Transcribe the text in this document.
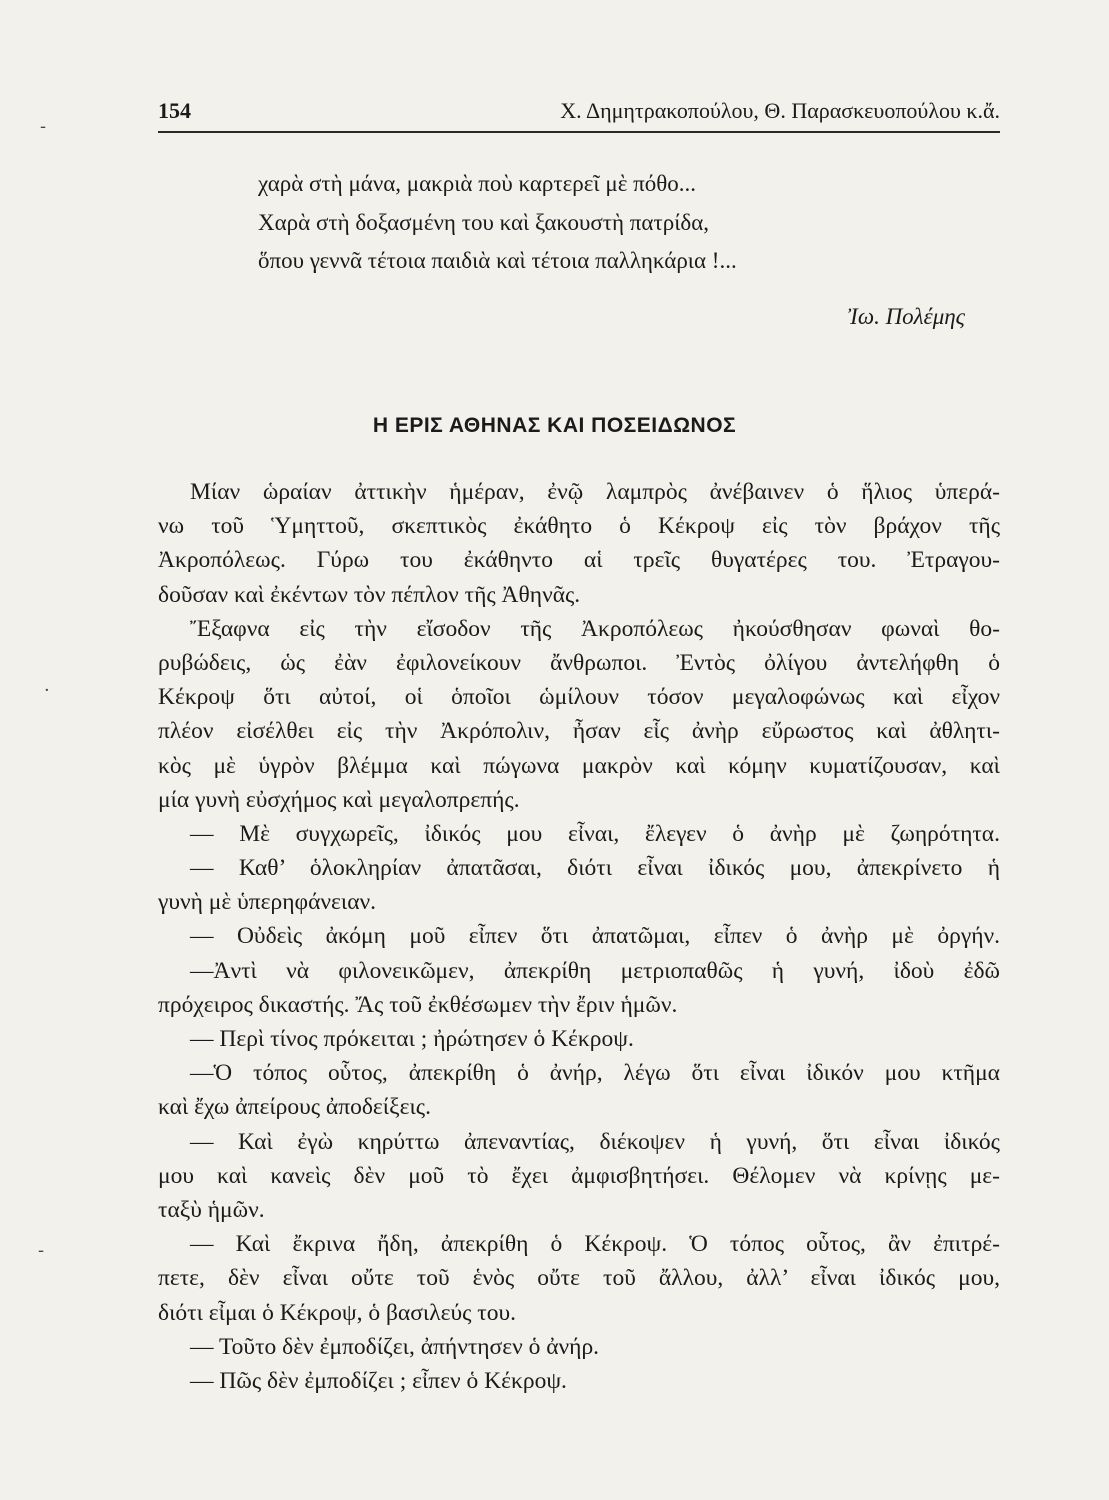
154	Χ. Δημητρακοπούλου, Θ. Παρασκευοπούλου κ.ἄ.
χαρὰ στὴ μάνα, μακριὰ ποὺ καρτερεῖ μὲ πόθο...
Χαρὰ στὴ δοξασμένη του καὶ ξακουστὴ πατρίδα,
ὅπου γεννᾶ τέτοια παιδιὰ καὶ τέτοια παλληκάρια !...
Ἰω. Πολέμης
Η ΕΡΙΣ ΑΘΗΝΑΣ ΚΑΙ ΠΟΣΕΙΔΩΝΟΣ
Μίαν ὡραίαν ἀττικὴν ἡμέραν, ἐνῷ λαμπρὸς ἀνέβαινεν ὁ ἥλιος ὑπερά-
νω τοῦ Ὑμηττοῦ, σκεπτικὸς ἐκάθητο ὁ Κέκροψ εἰς τὸν βράχον τῆς
Ἀκροπόλεως. Γύρω του ἐκάθηντο αἱ τρεῖς θυγατέρες του. Ἐτραγου-
δοῦσαν καὶ ἐκέντων τὸν πέπλον τῆς Ἀθηνᾶς.
Ἔξαφνα εἰς τὴν εἴσοδον τῆς Ἀκροπόλεως ἠκούσθησαν φωναὶ θο-
ρυβώδεις, ὡς ἐὰν ἐφιλονείκουν ἄνθρωποι. Ἐντὸς ὀλίγου ἀντελήφθη ὁ
Κέκροψ ὅτι αὐτοί, οἱ ὁποῖοι ὡμίλουν τόσον μεγαλοφώνως καὶ εἶχον
πλέον εἰσέλθει εἰς τὴν Ἀκρόπολιν, ἦσαν εἷς ἀνὴρ εὔρωστος καὶ ἀθλητι-
κὸς μὲ ὑγρὸν βλέμμα καὶ πώγωνα μακρὸν καὶ κόμην κυματίζουσαν, καὶ
μία γυνὴ εὐσχήμος καὶ μεγαλοπρεπής.
— Μὲ συγχωρεῖς, ἰδικός μου εἶναι, ἔλεγεν ὁ ἀνὴρ μὲ ζωηρότητα.
— Καθ’ ὁλοκληρίαν ἀπατᾶσαι, διότι εἶναι ἰδικός μου, ἀπεκρίνετο ἡ
γυνὴ μὲ ὑπερηφάνειαν.
— Οὐδεὶς ἀκόμη μοῦ εἶπεν ὅτι ἀπατῶμαι, εἶπεν ὁ ἀνὴρ μὲ ὀργήν.
—Ἀντὶ νὰ φιλονεικῶμεν, ἀπεκρίθη μετριοπαθῶς ἡ γυνή, ἰδοὺ ἐδῶ
πρόχειρος δικαστής. Ἄς τοῦ ἐκθέσωμεν τὴν ἔριν ἡμῶν.
— Περὶ τίνος πρόκειται ; ἠρώτησεν ὁ Κέκροψ.
—Ὁ τόπος οὗτος, ἀπεκρίθη ὁ ἀνήρ, λέγω ὅτι εἶναι ἰδικόν μου κτῆμα
καὶ ἔχω ἀπείρους ἀποδείξεις.
— Καὶ ἐγὼ κηρύττω ἀπεναντίας, διέκοψεν ἡ γυνή, ὅτι εἶναι ἰδικός
μου καὶ κανεὶς δὲν μοῦ τὸ ἔχει ἀμφισβητήσει. Θέλομεν νὰ κρίνῃς με-
ταξὺ ἡμῶν.
— Καὶ ἔκρινα ἤδη, ἀπεκρίθη ὁ Κέκροψ. Ὁ τόπος οὗτος, ἂν ἐπιτρέ-
πετε, δὲν εἶναι οὔτε τοῦ ἑνὸς οὔτε τοῦ ἄλλου, ἀλλ’ εἶναι ἰδικός μου,
διότι εἶμαι ὁ Κέκροψ, ὁ βασιλεύς του.
— Τοῦτο δὲν ἐμποδίζει, ἀπήντησεν ὁ ἀνήρ.
— Πῶς δὲν ἐμποδίζει ; εἶπεν ὁ Κέκροψ.
-
·
-
